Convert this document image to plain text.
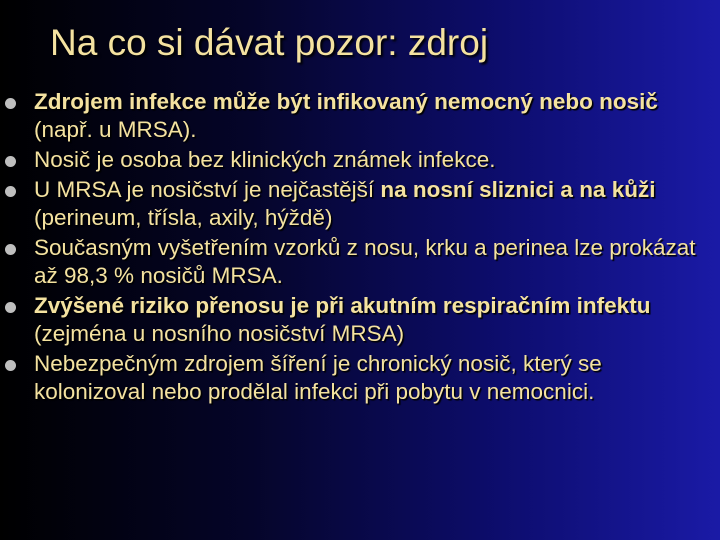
Na co si dávat pozor: zdroj
Zdrojem infekce může být infikovaný nemocný nebo nosič (např. u MRSA).
Nosič je osoba bez klinických známek infekce.
U MRSA je nosičství je nejčastější na nosní sliznici a na kůži (perineum, třísla, axily, hýždě)
Současným vyšetřením vzorků z nosu, krku a perinea lze prokázat až 98,3 % nosičů MRSA.
Zvýšené riziko přenosu je při akutním respiračním infektu (zejména u nosního nosičství MRSA)
Nebezpečným zdrojem šíření je chronický nosič, který se kolonizoval nebo prodělal infekci při pobytu v nemocnici.
